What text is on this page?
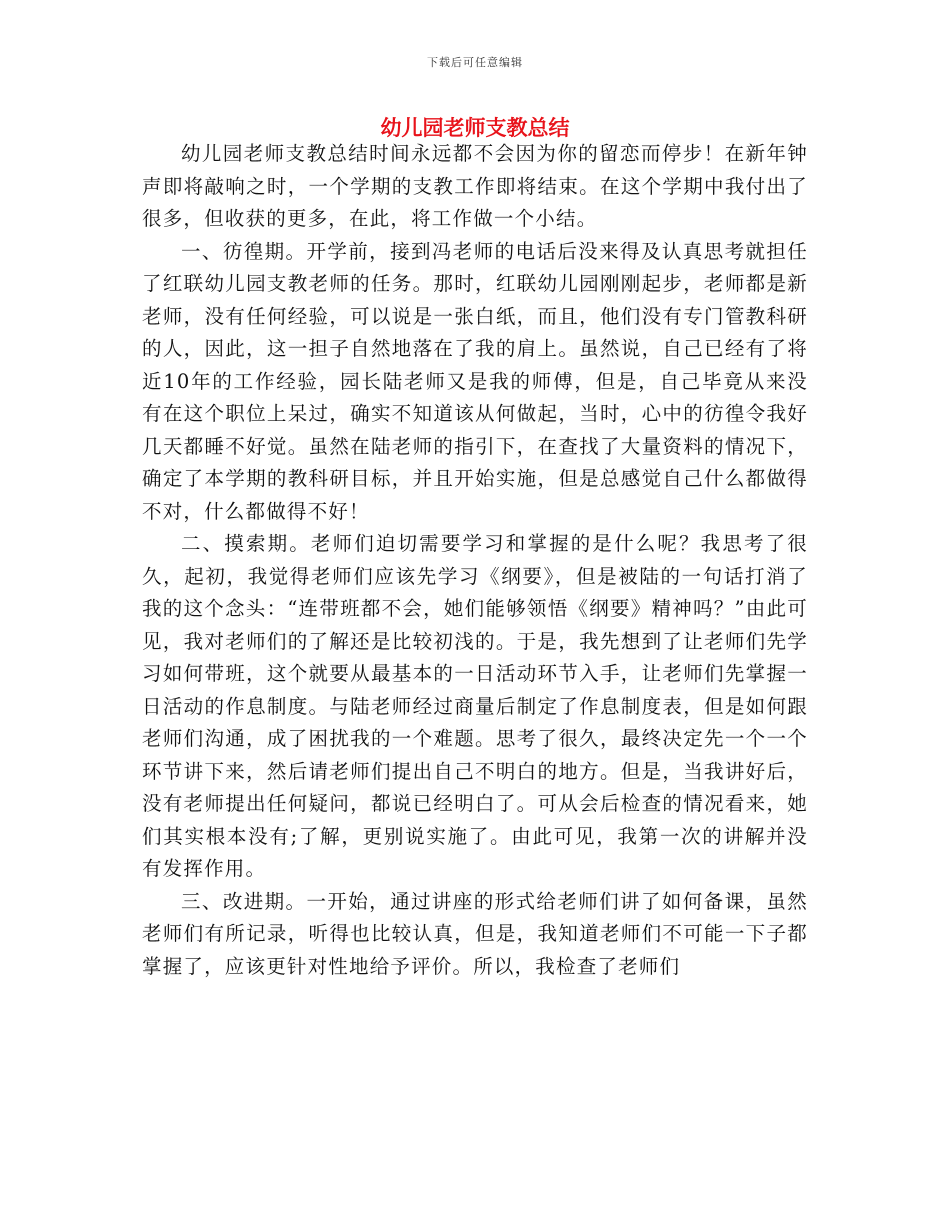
下载后可任意编辑
幼儿园老师支教总结

幼儿园老师支教总结时间永远都不会因为你的留恋而停步！在新年钟声即将敲响之时，一个学期的支教工作即将结束。在这个学期中我付出了很多，但收获的更多，在此，将工作做一个小结。

一、彷徨期。开学前，接到冯老师的电话后没来得及认真思考就担任了红联幼儿园支教老师的任务。那时，红联幼儿园刚刚起步，老师都是新老师，没有任何经验，可以说是一张白纸，而且，他们没有专门管教科研的人，因此，这一担子自然地落在了我的肩上。虽然说，自己已经有了将近10年的工作经验，园长陆老师又是我的师傅，但是，自己毕竟从来没有在这个职位上呆过，确实不知道该从何做起，当时，心中的彷徨令我好几天都睡不好觉。虽然在陆老师的指引下，在查找了大量资料的情况下，确定了本学期的教科研目标，并且开始实施，但是总感觉自己什么都做得不对，什么都做得不好！

二、摸索期。老师们迫切需要学习和掌握的是什么呢？我思考了很久，起初，我觉得老师们应该先学习《纲要》，但是被陆的一句话打消了我的这个念头：“连带班都不会，她们能够领悟《纲要》精神吗？”由此可见，我对老师们的了解还是比较初浅的。于是，我先想到了让老师们先学习如何带班，这个就要从最基本的一日活动环节入手，让老师们先掌握一日活动的作息制度。与陆老师经过商量后制定了作息制度表，但是如何跟老师们沟通，成了困扰我的一个难题。思考了很久，最终决定先一个一个环节讲下来，然后请老师们提出自己不明白的地方。但是，当我讲好后，没有老师提出任何疑问，都说已经明白了。可从会后检查的情况看来，她们其实根本没有;了解，更别说实施了。由此可见，我第一次的讲解并没有发挥作用。

三、改进期。一开始，通过讲座的形式给老师们讲了如何备课，虽然老师们有所记录，听得也比较认真，但是，我知道老师们不可能一下子都掌握了，应该更针对性地给予评价。所以，我检查了老师们
